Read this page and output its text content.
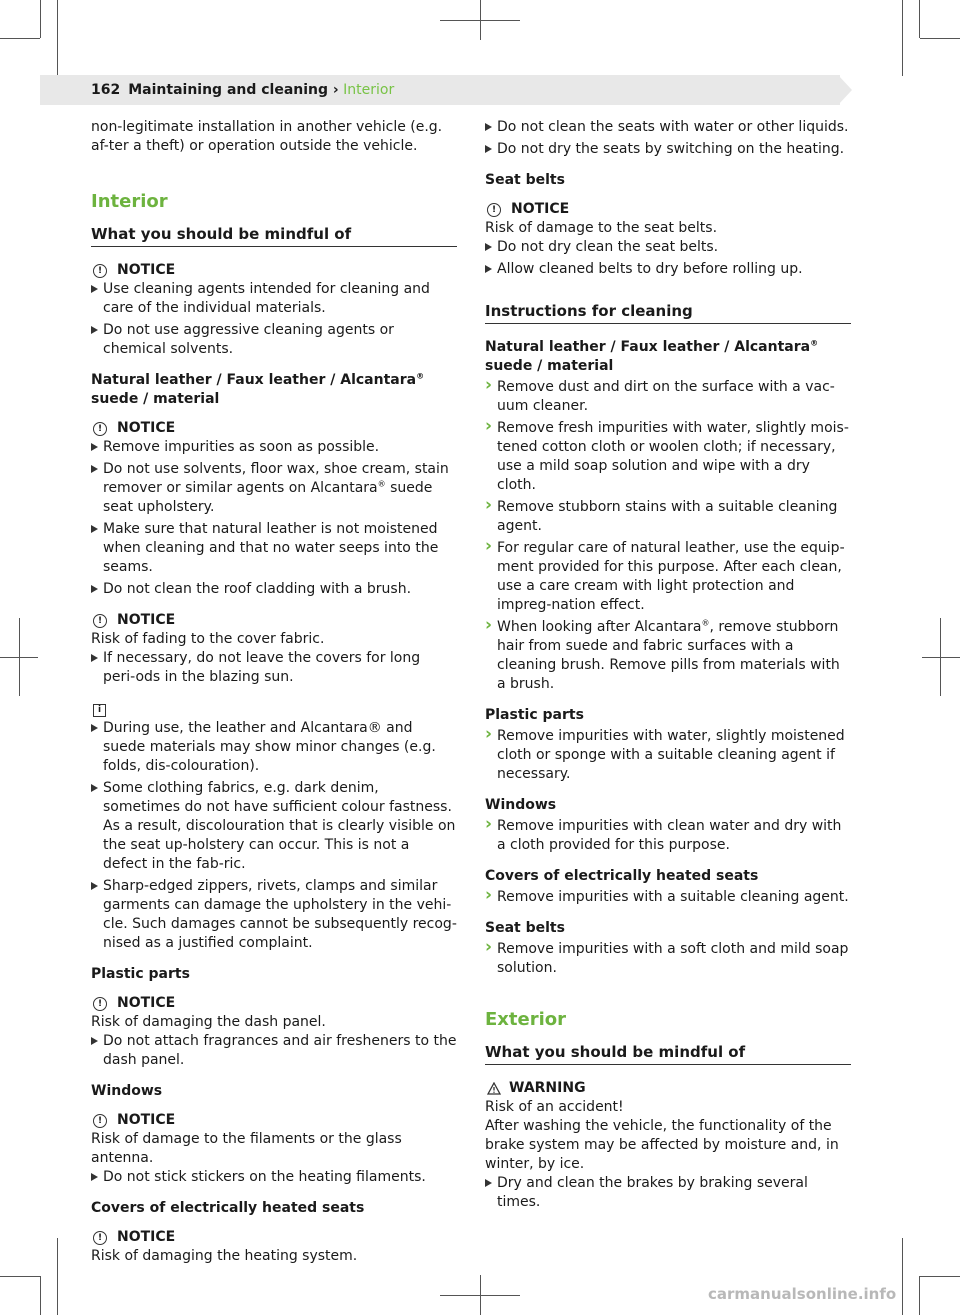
162 Maintaining and cleaning › Interior

non-legitimate installation in another vehicle (e.g. af-ter a theft) or operation outside the vehicle.

Interior
What you should be mindful of

!	NOTICE

Use cleaning agents intended for cleaning and care of the individual materials.
Do not use aggressive cleaning agents or chemical solvents.
Natural leather / Faux leather / Alcantara® suede / material

!	NOTICE

Remove impurities as soon as possible.
Do not use solvents, floor wax, shoe cream, stain remover or similar agents on Alcantara® suede seat upholstery.
Make sure that natural leather is not moistened when cleaning and that no water seeps into the seams.
Do not clean the roof cladding with a brush.

!	NOTICE

Risk of fading to the cover fabric.

If necessary, do not leave the covers for long peri-ods in the blazing sun.

i

During use, the leather and Alcantara® and suede materials may show minor changes (e.g. folds, dis-colouration).
Some clothing fabrics, e.g. dark denim, sometimes do not have sufficient colour fastness. As a result, discolouration that is clearly visible on the seat up-holstery can occur. This is not a defect in the fab-ric.
Sharp-edged zippers, rivets, clamps and similar garments can damage the upholstery in the vehi-cle. Such damages cannot be subsequently recog-nised as a justified complaint.
Plastic parts

!	NOTICE

Risk of damaging the dash panel.

Do not attach fragrances and air fresheners to the dash panel.
Windows

!	NOTICE

Risk of damage to the filaments or the glass antenna.

Do not stick stickers on the heating filaments.
Covers of electrically heated seats

!	NOTICE

Risk of damaging the heating system.

Do not clean the seats with water or other liquids.
Do not dry the seats by switching on the heating.
Seat belts

!	NOTICE

Risk of damage to the seat belts.

Do not dry clean the seat belts.
Allow cleaned belts to dry before rolling up.
Instructions for cleaning
Natural leather / Faux leather / Alcantara® suede / material
› Remove dust and dirt on the surface with a vac-uum cleaner.
› Remove fresh impurities with water, slightly mois-tened cotton cloth or woolen cloth; if necessary, use a mild soap solution and wipe with a dry cloth.
› Remove stubborn stains with a suitable cleaning agent.
› For regular care of natural leather, use the equip-ment provided for this purpose. After each clean, use a care cream with light protection and impreg-nation effect.
› When looking after Alcantara®, remove stubborn hair from suede and fabric surfaces with a cleaning brush. Remove pills from materials with a brush.
Plastic parts
› Remove impurities with water, slightly moistened cloth or sponge with a suitable cleaning agent if necessary.
Windows
› Remove impurities with clean water and dry with a cloth provided for this purpose.
Covers of electrically heated seats
› Remove impurities with a suitable cleaning agent.
Seat belts
› Remove impurities with a soft cloth and mild soap solution.
Exterior
What you should be mindful of

WARNING

Risk of an accident!

After washing the vehicle, the functionality of the brake system may be affected by moisture and, in winter, by ice.

Dry and clean the brakes by braking several times.
carmanualsonline.info
